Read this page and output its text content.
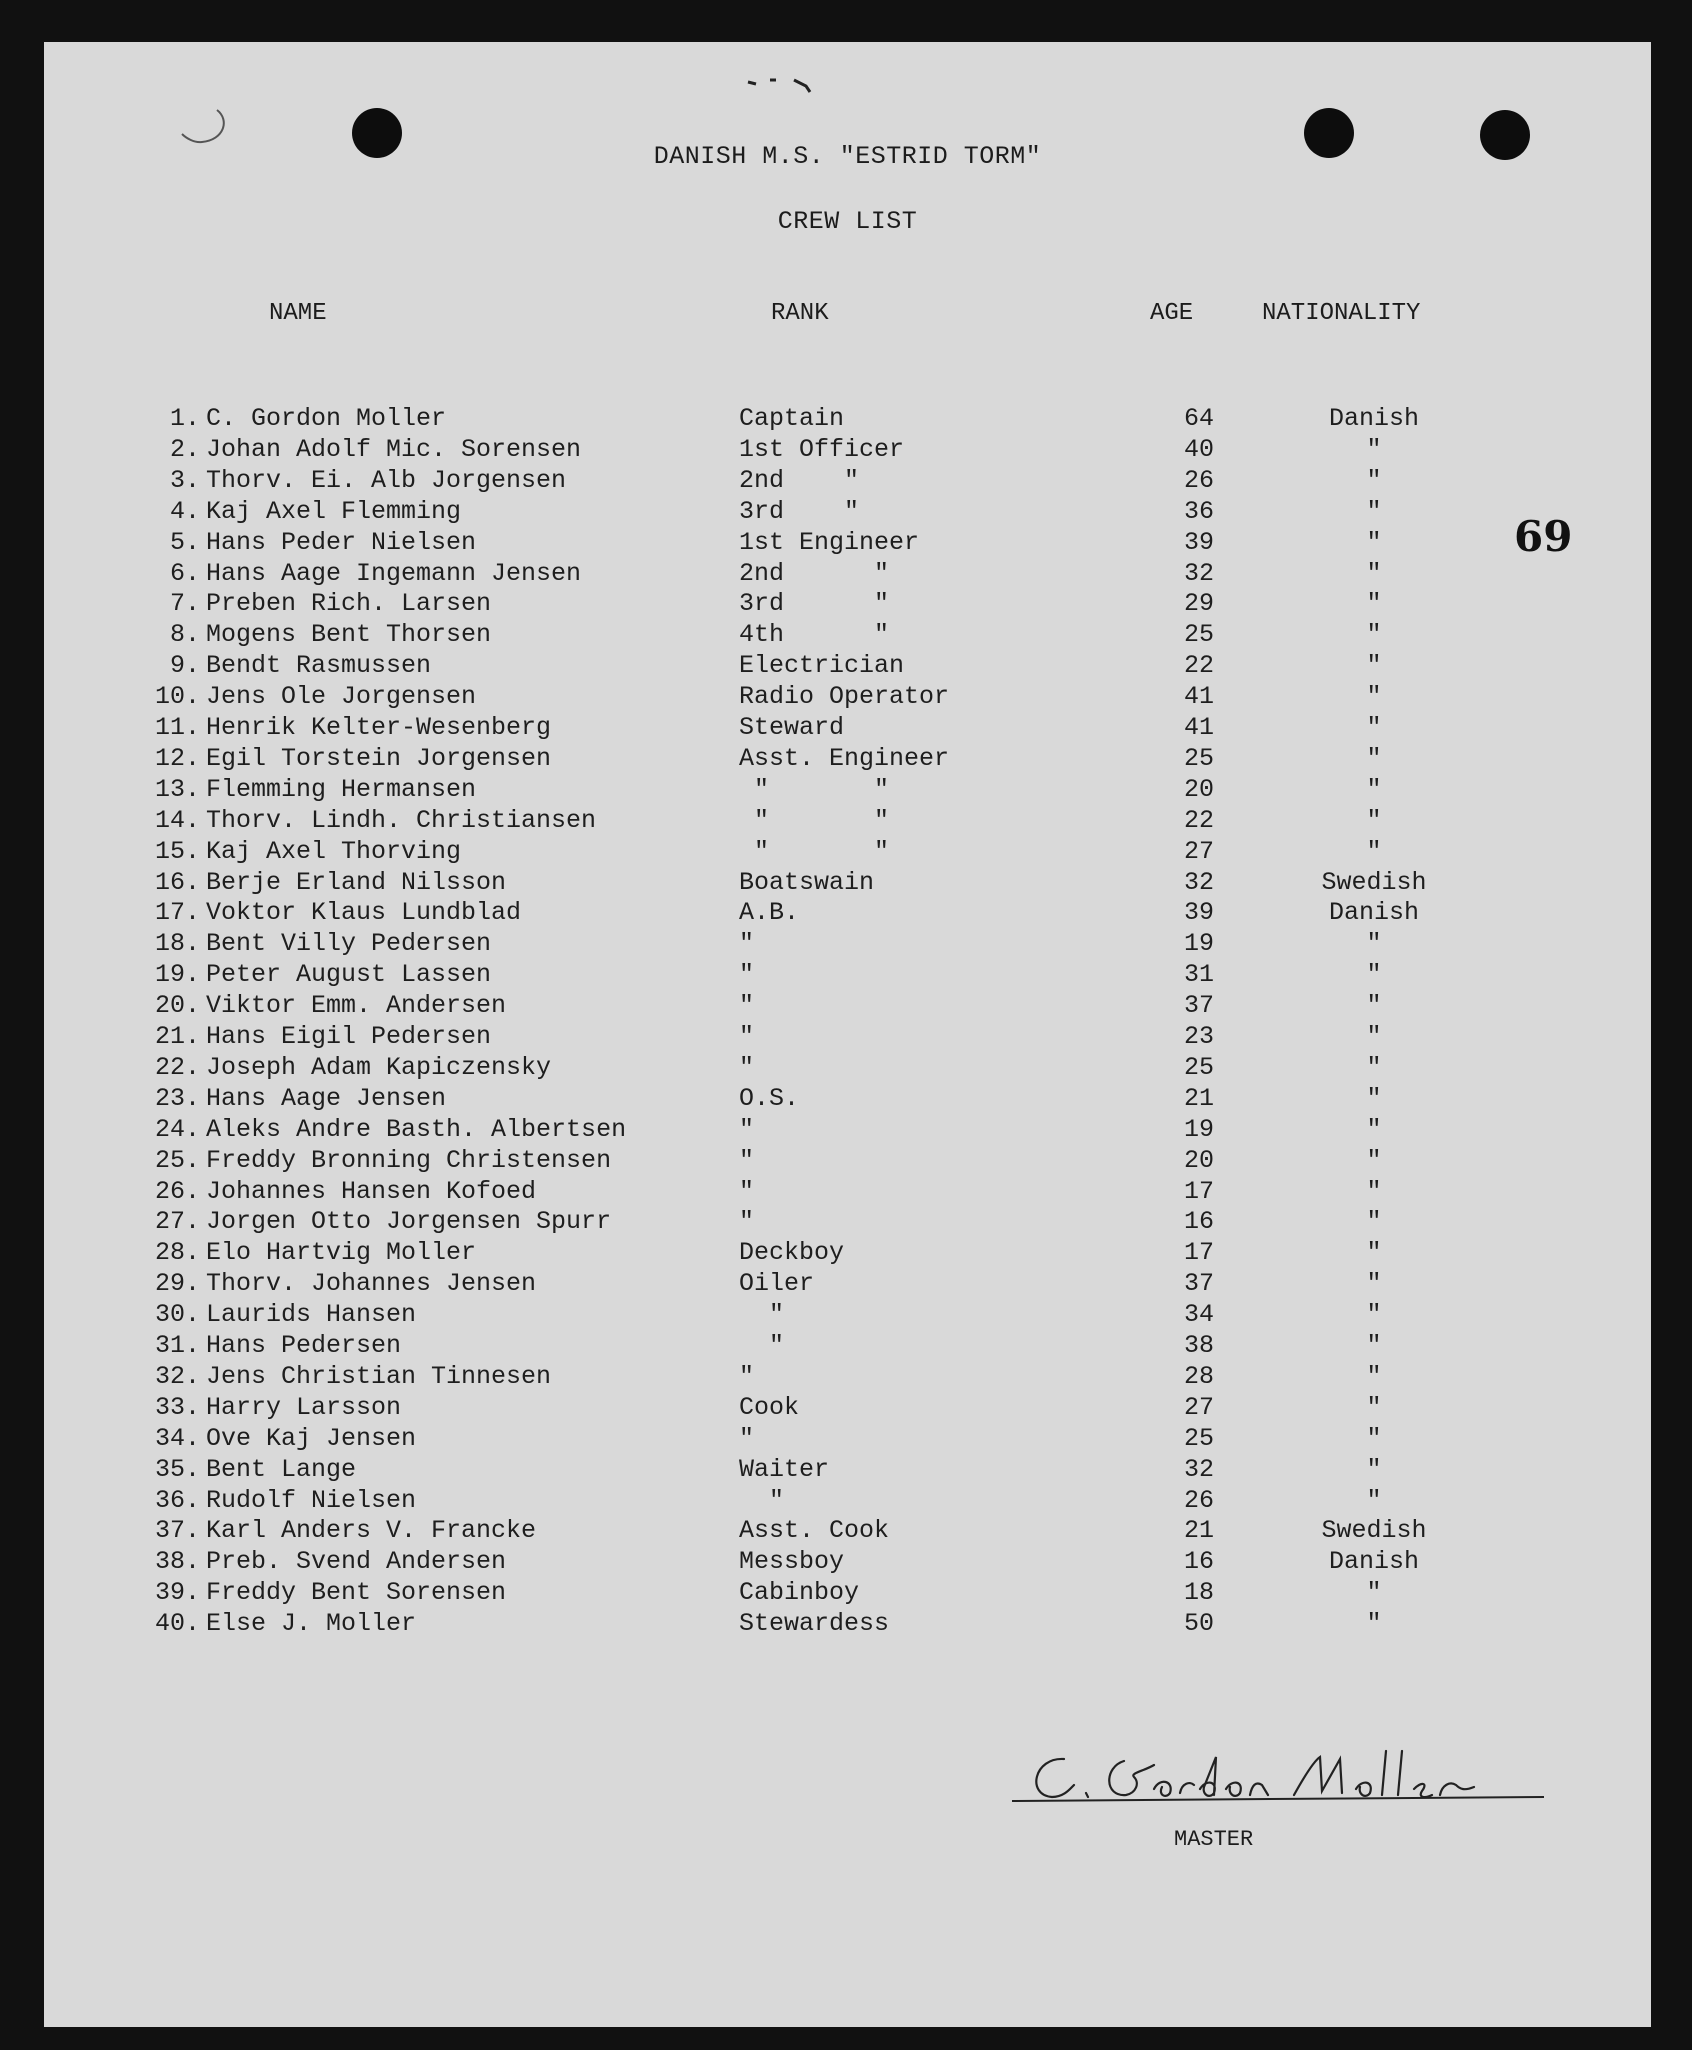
DANISH M.S. "ESTRID TORM"
CREW LIST
NAME	RANK	AGE	NATIONALITY
1. C. Gordon Moller	Captain	64	Danish
2. Johan Adolf Mic. Sorensen	1st Officer	40	"
3. Thorv. Ei. Alb Jorgensen	2nd    "	26	"
4. Kaj Axel Flemming	3rd    "	36	"
5. Hans Peder Nielsen	1st Engineer	39	"
6. Hans Aage Ingemann Jensen	2nd      "	32	"
7. Preben Rich. Larsen	3rd      "	29	"
8. Mogens Bent Thorsen	4th      "	25	"
9. Bendt Rasmussen	Electrician	22	"
10. Jens Ole Jorgensen	Radio Operator	41	"
11. Henrik Kelter-Wesenberg	Steward	41	"
12. Egil Torstein Jorgensen	Asst. Engineer	25	"
13. Flemming Hermansen	"       "	20	"
14. Thorv. Lindh. Christiansen	"       "	22	"
15. Kaj Axel Thorving	"       "	27	"
16. Berje Erland Nilsson	Boatswain	32	Swedish
17. Voktor Klaus Lundblad	A.B.	39	Danish
18. Bent Villy Pedersen	"	19	"
19. Peter August Lassen	"	31	"
20. Viktor Emm. Andersen	"	37	"
21. Hans Eigil Pedersen	"	23	"
22. Joseph Adam Kapiczensky	"	25	"
23. Hans Aage Jensen	O.S.	21	"
24. Aleks Andre Basth. Albertsen	"	19	"
25. Freddy Bronning Christensen	"	20	"
26. Johannes Hansen Kofoed	"	17	"
27. Jorgen Otto Jorgensen Spurr	"	16	"
28. Elo Hartvig Moller	Deckboy	17	"
29. Thorv. Johannes Jensen	Oiler	37	"
30. Laurids Hansen	"	34	"
31. Hans Pedersen	"	38	"
32. Jens Christian Tinnesen	"	28	"
33. Harry Larsson	Cook	27	"
34. Ove Kaj Jensen	"	25	"
35. Bent Lange	Waiter	32	"
36. Rudolf Nielsen	"	26	"
37. Karl Anders V. Francke	Asst. Cook	21	Swedish
38. Preb. Svend Andersen	Messboy	16	Danish
39. Freddy Bent Sorensen	Cabinboy	18	"
40. Else J. Moller	Stewardess	50	"
69
C. Gordon Möller
MASTER
